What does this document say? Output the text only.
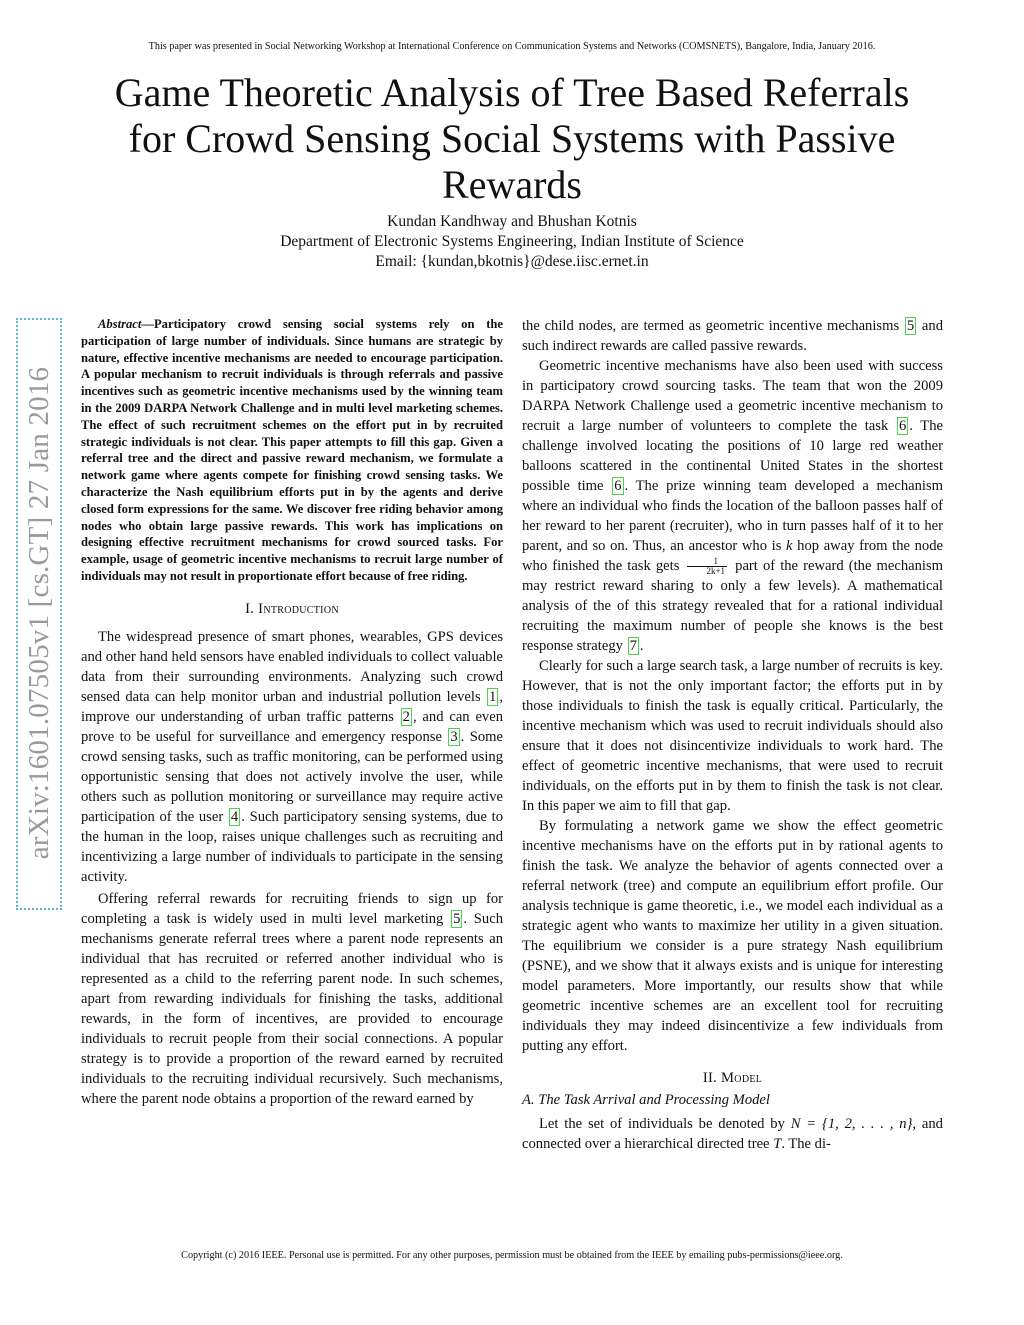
This paper was presented in Social Networking Workshop at International Conference on Communication Systems and Networks (COMSNETS), Bangalore, India, January 2016.
Game Theoretic Analysis of Tree Based Referrals for Crowd Sensing Social Systems with Passive Rewards
Kundan Kandhway and Bhushan Kotnis
Department of Electronic Systems Engineering, Indian Institute of Science
Email: {kundan,bkotnis}@dese.iisc.ernet.in
arXiv:1601.07505v1 [cs.GT] 27 Jan 2016

Abstract—Participatory crowd sensing social systems rely on the participation of large number of individuals. Since humans are strategic by nature, effective incentive mechanisms are needed to encourage participation. A popular mechanism to recruit individuals is through referrals and passive incentives such as geometric incentive mechanisms used by the winning team in the 2009 DARPA Network Challenge and in multi level marketing schemes. The effect of such recruitment schemes on the effort put in by recruited strategic individuals is not clear. This paper attempts to fill this gap. Given a referral tree and the direct and passive reward mechanism, we formulate a network game where agents compete for finishing crowd sensing tasks. We characterize the Nash equilibrium efforts put in by the agents and derive closed form expressions for the same. We discover free riding behavior among nodes who obtain large passive rewards. This work has implications on designing effective recruitment mechanisms for crowd sourced tasks. For example, usage of geometric incentive mechanisms to recruit large number of individuals may not result in proportionate effort because of free riding.

I. Introduction

The widespread presence of smart phones, wearables, GPS devices and other hand held sensors have enabled individuals to collect valuable data from their surrounding environments. Analyzing such crowd sensed data can help monitor urban and industrial pollution levels 1 , improve our understanding of urban traffic patterns 2 , and can even prove to be useful for surveillance and emergency response 3 . Some crowd sensing tasks, such as traffic monitoring, can be performed using opportunistic sensing that does not actively involve the user, while others such as pollution monitoring or surveillance may require active participation of the user 4 . Such participatory sensing systems, due to the human in the loop, raises unique challenges such as recruiting and incentivizing a large number of individuals to participate in the sensing activity.

Offering referral rewards for recruiting friends to sign up for completing a task is widely used in multi level marketing 5 . Such mechanisms generate referral trees where a parent node represents an individual that has recruited or referred another individual who is represented as a child to the referring parent node. In such schemes, apart from rewarding individuals for finishing the tasks, additional rewards, in the form of incentives, are provided to encourage individuals to recruit people from their social connections. A popular strategy is to provide a proportion of the reward earned by recruited individuals to the recruiting individual recursively. Such mechanisms, where the parent node obtains a proportion of the reward earned by

the child nodes, are termed as geometric incentive mechanisms 5 and such indirect rewards are called passive rewards.

Geometric incentive mechanisms have also been used with success in participatory crowd sourcing tasks. The team that won the 2009 DARPA Network Challenge used a geometric incentive mechanism to recruit a large number of volunteers to complete the task 6 . The challenge involved locating the positions of 10 large red weather balloons scattered in the continental United States in the shortest possible time 6 . The prize winning team developed a mechanism where an individual who finds the location of the balloon passes half of her reward to her parent (recruiter), who in turn passes half of it to her parent, and so on. Thus, an ancestor who is k hop away from the node who finished the task gets $\frac{1}{2k+1}$ part of the reward (the mechanism may restrict reward sharing to only a few levels). A mathematical analysis of the of this strategy revealed that for a rational individual recruiting the maximum number of people she knows is the best response strategy 7 .

Clearly for such a large search task, a large number of recruits is key. However, that is not the only important factor; the efforts put in by those individuals to finish the task is equally critical. Particularly, the incentive mechanism which was used to recruit individuals should also ensure that it does not disincentivize individuals to work hard. The effect of geometric incentive mechanisms, that were used to recruit individuals, on the efforts put in by them to finish the task is not clear. In this paper we aim to fill that gap.

By formulating a network game we show the effect geometric incentive mechanisms have on the efforts put in by rational agents to finish the task. We analyze the behavior of agents connected over a referral network (tree) and compute an equilibrium effort profile. Our analysis technique is game theoretic, i.e., we model each individual as a strategic agent who wants to maximize her utility in a given situation. The equilibrium we consider is a pure strategy Nash equilibrium (PSNE), and we show that it always exists and is unique for interesting model parameters. More importantly, our results show that while geometric incentive schemes are an excellent tool for recruiting individuals they may indeed disincentivize a few individuals from putting any effort.

II. Model

A. The Task Arrival and Processing Model

Let the set of individuals be denoted by N = {1, 2, . . . , n}, and connected over a hierarchical directed tree T. The di-

Copyright (c) 2016 IEEE. Personal use is permitted. For any other purposes, permission must be obtained from the IEEE by emailing pubs-permissions@ieee.org.
